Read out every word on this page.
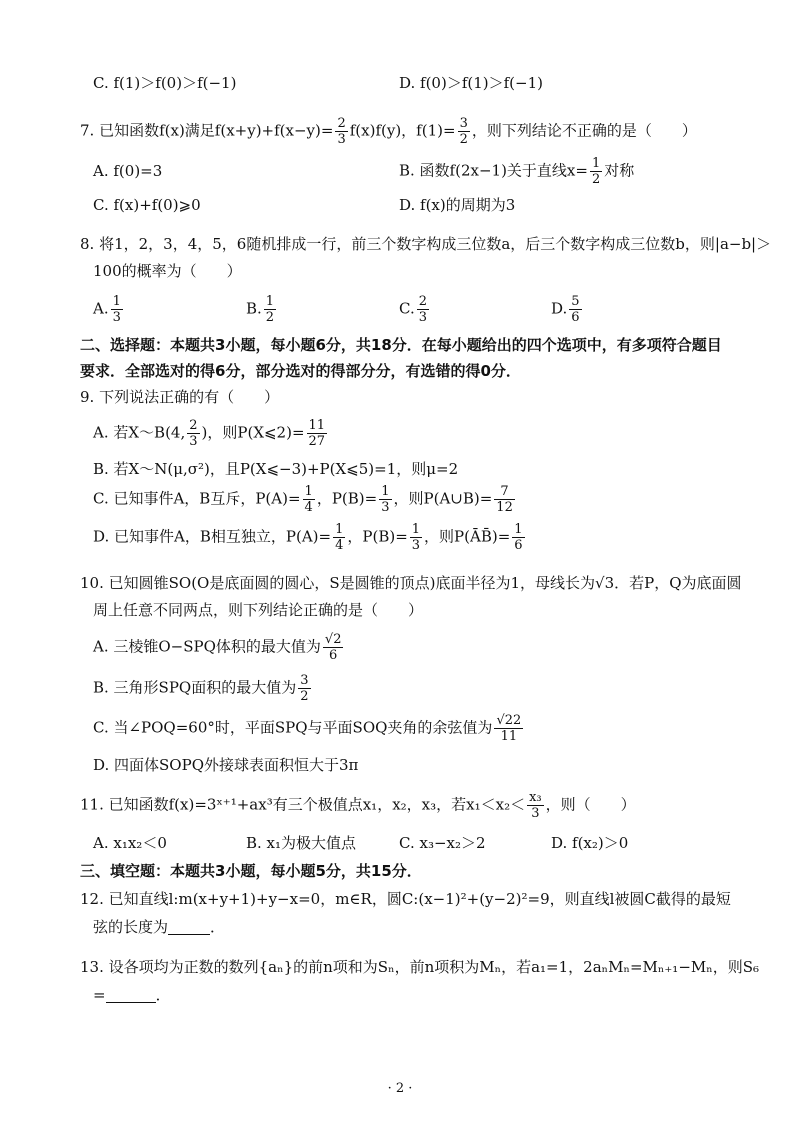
C. f(1)＞f(0)＞f(−1)	D. f(0)＞f(1)＞f(−1)
7. 已知函数f(x)满足$f(x+y)+f(x-y)= \frac{2}{3} f(x)f(y)$，$f(1)= \frac{3}{2}$ ，则下列结论不正确的是（　　）
A. f(0)=3	B. 函数f(2x−1)关于直线$x= \frac{1}{2}$ 对称
C. f(x)+f(0)⩾0	D. f(x)的周期为3
8. 将1，2，3，4，5，6随机排成一行，前三个数字构成三位数a，后三个数字构成三位数b，则|a−b|＞
100的概率为（　　）
A. $\frac{1}{3}$	B. $\frac{1}{2}$	C. $\frac{2}{3}$	D. $\frac{5}{6}$
二、选择题：本题共3小题，每小题6分，共18分．在每小题给出的四个选项中，有多项符合题目
要求．全部选对的得6分，部分选对的得部分分，有选错的得0分．
9. 下列说法正确的有（　　）
A. 若X～B(4, $\frac{2}{3}$ )，则P(X⩽2)= $\frac{11}{27}$
B. 若X～N(μ,σ²)，且P(X⩽−3)+P(X⩽5)=1，则μ=2
C. 已知事件A，B互斥，$P(A)= \frac{1}{4}$ ，$P(B)= \frac{1}{3}$ ，则P(A∪B)= $\frac{7}{12}$
D. 已知事件A，B相互独立，$P(A)= \frac{1}{4}$ ，$P(B)= \frac{1}{3}$ ，则P(ĀB̄)= $\frac{1}{6}$
10. 已知圆锥SO(O是底面圆的圆心，S是圆锥的顶点)底面半径为1，母线长为√3．若P，Q为底面圆
周上任意不同两点，则下列结论正确的是（　　）
A. 三棱锥O−SPQ体积的最大值为 $\frac{√2}{6}$
B. 三角形SPQ面积的最大值为 $\frac{3}{2}$
C. 当∠POQ=60°时，平面SPQ与平面SOQ夹角的余弦值为 $\frac{√22}{11}$
D. 四面体SOPQ外接球表面积恒大于3π
11. 已知函数f(x)=3ˣ⁺¹+ax³有三个极值点x₁，x₂，x₃，若$x_1<x_2< \frac{\text{x₃}}{3}$ ，则（　　）
A. x₁x₂＜0	B. x₁为极大值点	C. x₃−x₂＞2	D. f(x₂)＞0
三、填空题：本题共3小题，每小题5分，共15分．
12. 已知直线l:m(x+y+1)+y−x=0，m∈R，圆C:(x−1)²+(y−2)²=9，则直线l被圆C截得的最短
弦的长度为	．
13. 设各项均为正数的数列{aₙ}的前n项和为Sₙ，前n项积为Mₙ，若a₁=1，2aₙMₙ=Mₙ₊₁−Mₙ，则S₆
=	．
· 2 ·
